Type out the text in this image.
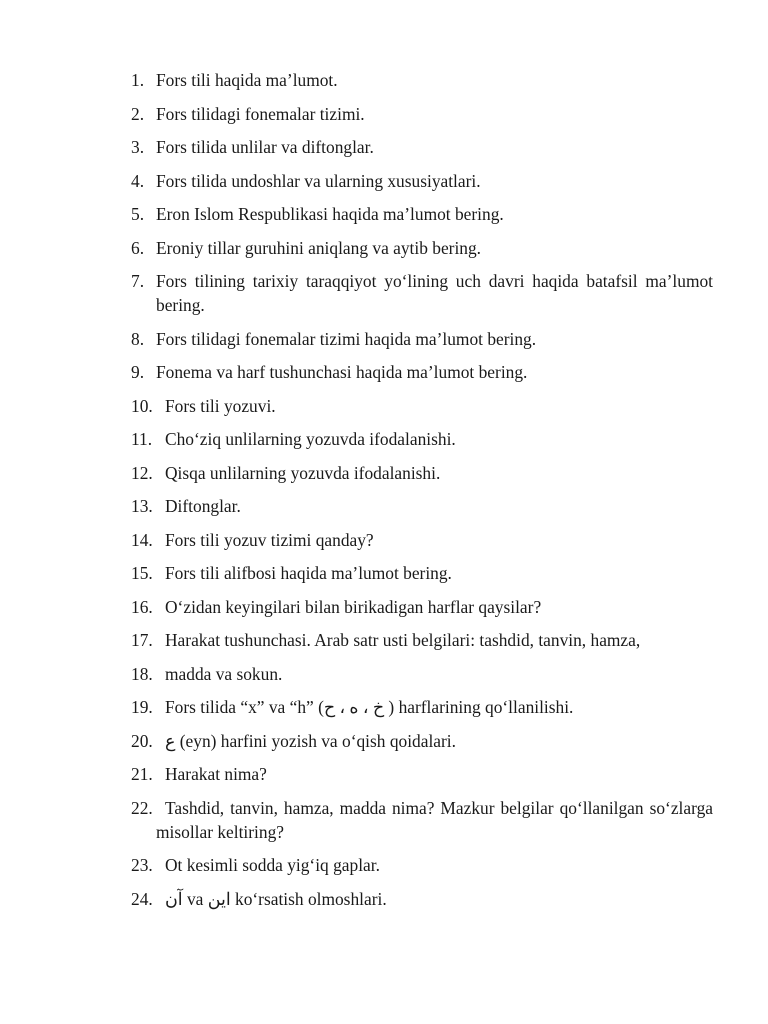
1. Fors tili haqida ma’lumot.
2. Fors tilidagi fonemalar tizimi.
3. Fors tilida unlilar va diftonglar.
4. Fors tilida undoshlar va ularning xususiyatlari.
5. Eron Islom Respublikasi haqida ma’lumot bering.
6. Eroniy tillar guruhini aniqlang va aytib bering.
7. Fors tilining tarixiy taraqqiyot yo‘lining uch davri haqida batafsil ma’lumot bering.
8. Fors tilidagi fonemalar tizimi haqida ma’lumot bering.
9. Fonema va harf tushunchasi haqida ma’lumot bering.
10. Fors tili yozuvi.
11. Cho‘ziq unlilarning yozuvda ifodalanishi.
12. Qisqa unlilarning yozuvda ifodalanishi.
13. Diftonglar.
14. Fors tili yozuv tizimi qanday?
15. Fors tili alifbosi haqida ma’lumot bering.
16. O‘zidan keyingilari bilan birikadigan harflar qaysilar?
17. Harakat tushunchasi. Arab satr usti belgilari: tashdid, tanvin, hamza,
18. madda va sokun.
19. Fors tilida “x” va “h” (خ ، ه ، ح ) harflarining qo‘llanilishi.
20. ع (eyn) harfini yozish va o‘qish qoidalari.
21. Harakat nima?
22. Tashdid, tanvin, hamza, madda nima? Mazkur belgilar qo‘llanilgan so‘zlarga misollar keltiring?
23. Ot kesimli sodda yig‘iq gaplar.
24. آن va این ko‘rsatish olmoshlari.
